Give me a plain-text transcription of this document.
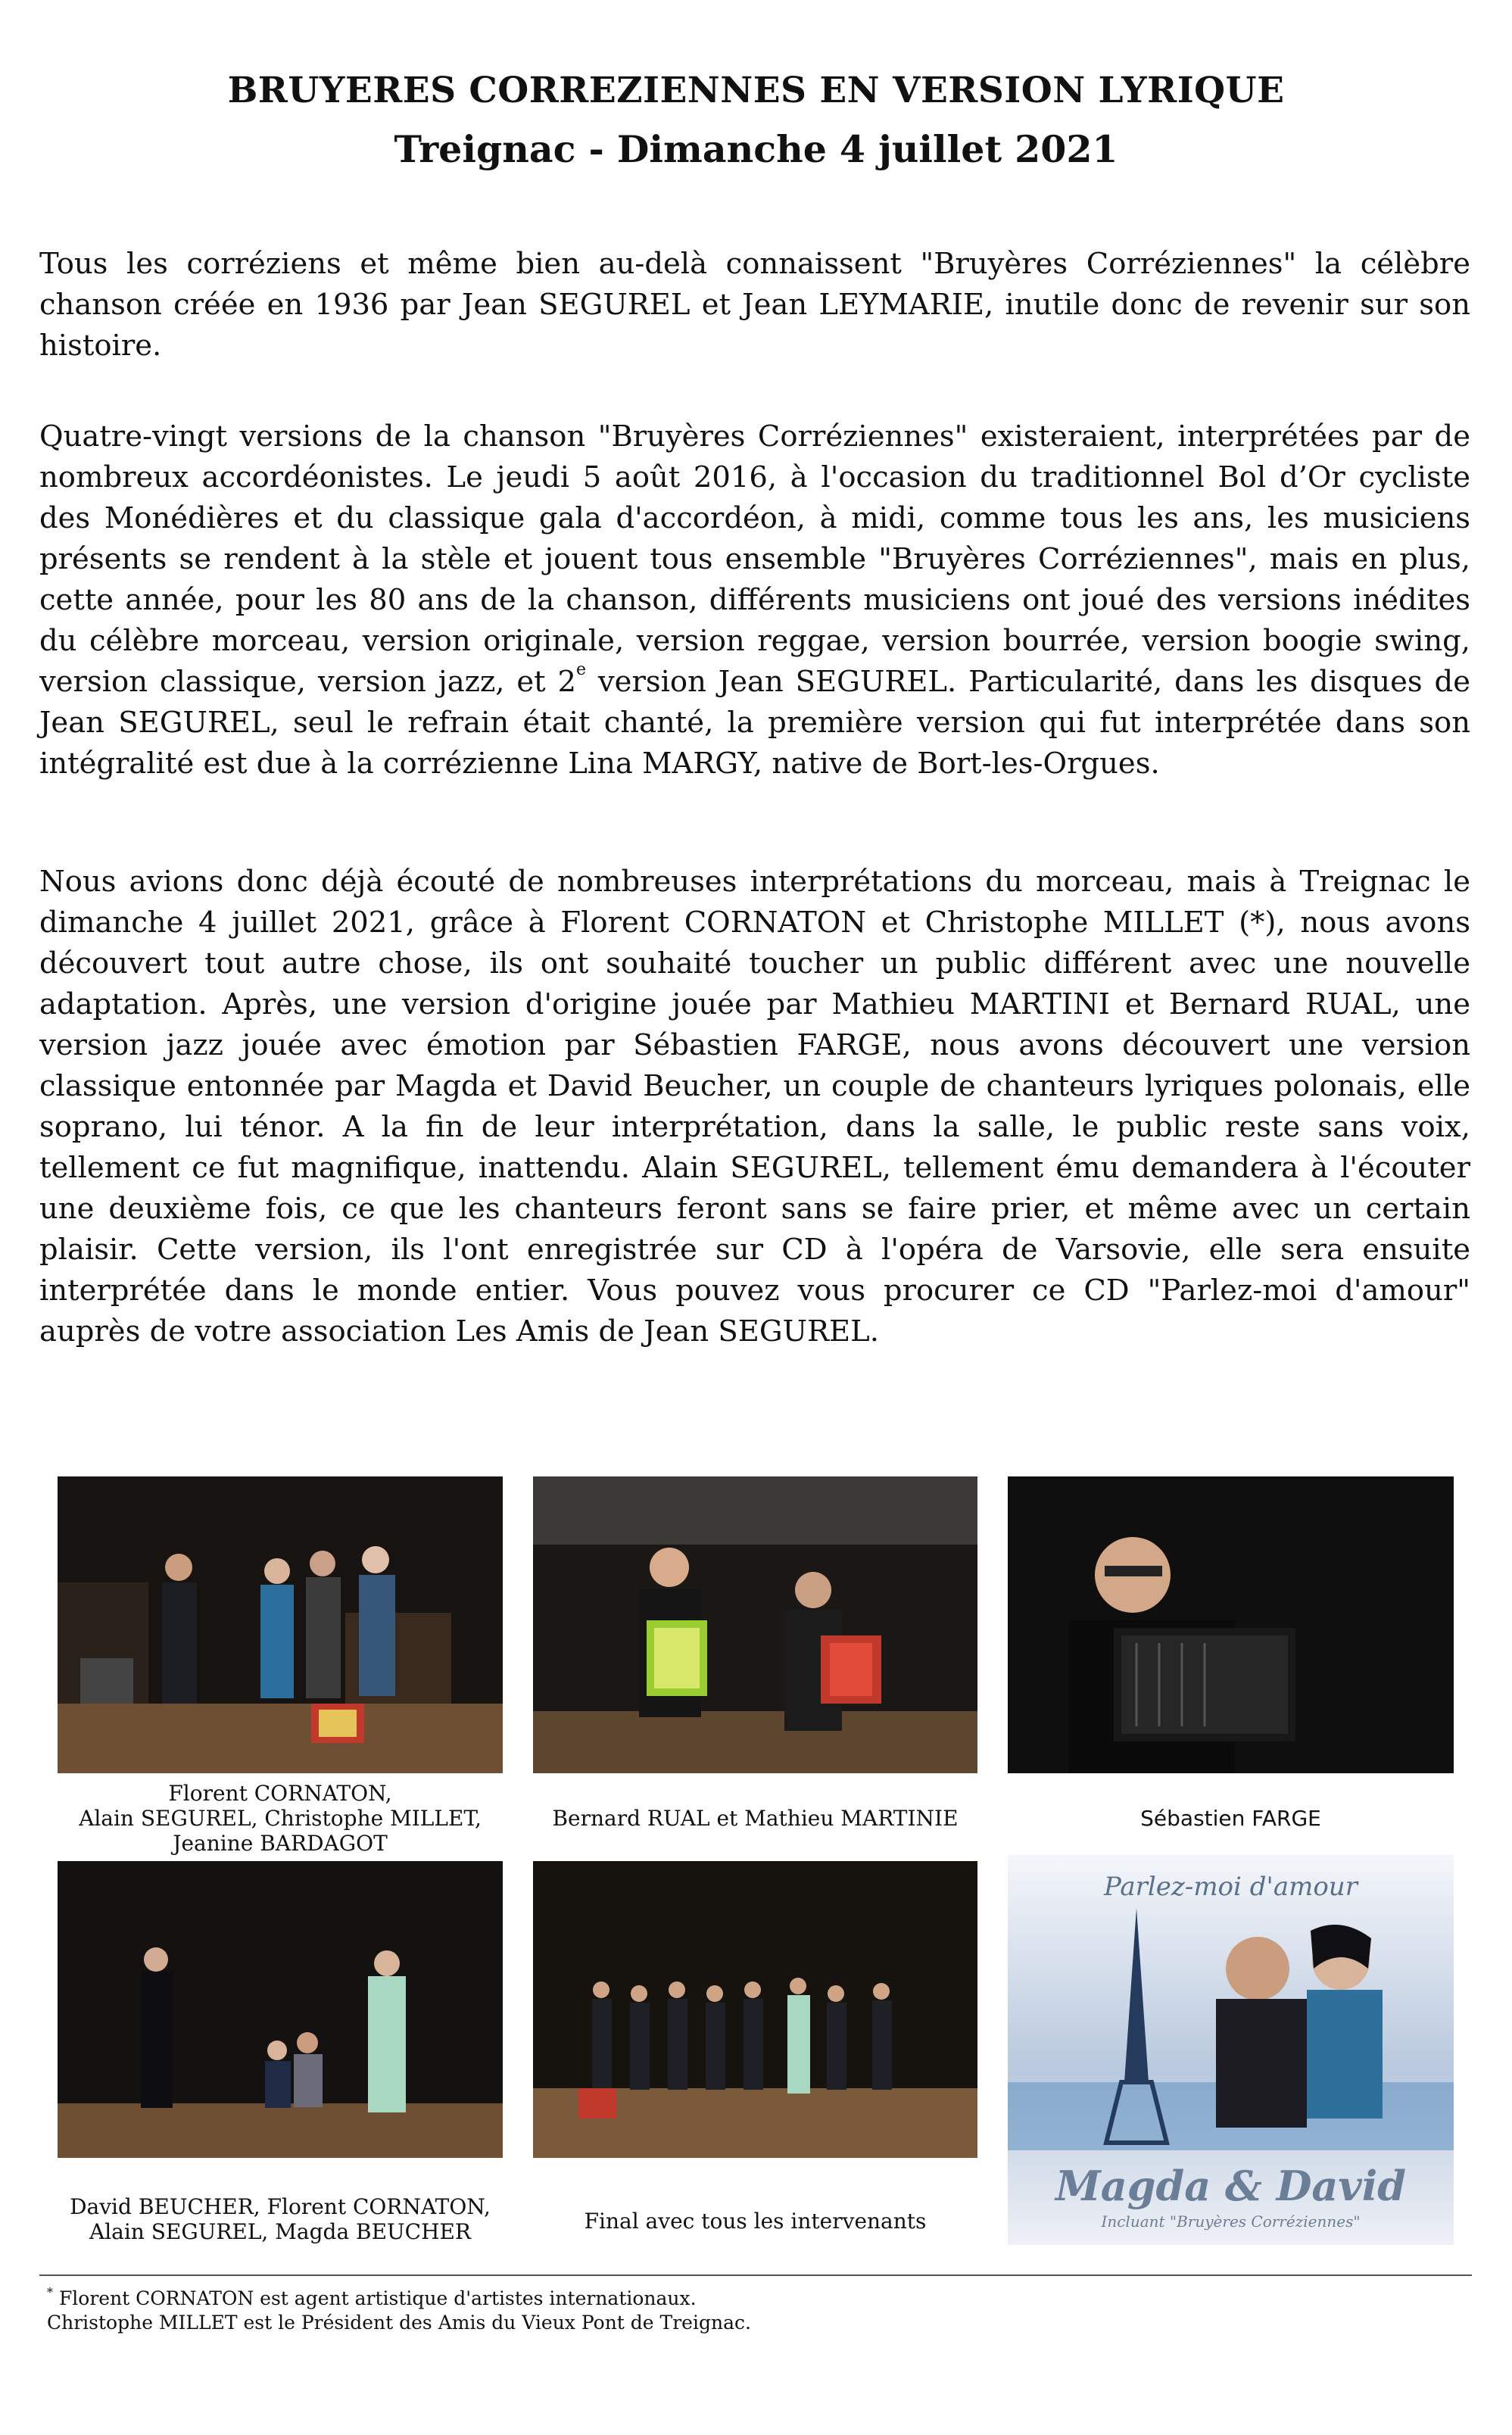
BRUYERES CORREZIENNES EN VERSION LYRIQUE
Treignac - Dimanche 4 juillet 2021

Tous les corréziens et même bien au-delà connaissent "Bruyères Corréziennes" la célèbre chanson créée en 1936 par Jean SEGUREL et Jean LEYMARIE, inutile donc de revenir sur son histoire.

Quatre-vingt versions de la chanson "Bruyères Corréziennes" existeraient, interprétées par de nombreux accordéonistes. Le jeudi 5 août 2016, à l'occasion du traditionnel Bol d’Or cycliste des Monédières et du classique gala d'accordéon, à midi, comme tous les ans, les musiciens présents se rendent à la stèle et jouent tous ensemble "Bruyères Corréziennes", mais en plus, cette année, pour les 80 ans de la chanson, différents musiciens ont joué des versions inédites du célèbre morceau, version originale, version reggae, version bourrée, version boogie swing, version classique, version jazz, et 2e version Jean SEGUREL. Particularité, dans les disques de Jean SEGUREL, seul le refrain était chanté, la première version qui fut interprétée dans son intégralité est due à la corrézienne Lina MARGY, native de Bort-les-Orgues.

Nous avions donc déjà écouté de nombreuses interprétations du morceau, mais à Treignac le dimanche 4 juillet 2021, grâce à Florent CORNATON et Christophe MILLET (*), nous avons découvert tout autre chose, ils ont souhaité toucher un public différent avec une nouvelle adaptation. Après, une version d'origine jouée par Mathieu MARTINI et Bernard RUAL, une version jazz jouée avec émotion par Sébastien FARGE, nous avons découvert une version classique entonnée par Magda et David Beucher, un couple de chanteurs lyriques polonais, elle soprano, lui ténor. A la fin de leur interprétation, dans la salle, le public reste sans voix, tellement ce fut magnifique, inattendu. Alain SEGUREL, tellement ému demandera à l'écouter une deuxième fois, ce que les chanteurs feront sans se faire prier, et même avec un certain plaisir. Cette version, ils l'ont enregistrée sur CD à l'opéra de Varsovie, elle sera ensuite interprétée dans le monde entier. Vous pouvez vous procurer ce CD "Parlez-moi d'amour" auprès de votre association Les Amis de Jean SEGUREL.

Parlez-moi d'amour
Magda & David
Incluant "Bruyères Corréziennes"
Florent CORNATON,
Alain SEGUREL, Christophe MILLET,
Jeanine BARDAGOT
Bernard RUAL et Mathieu MARTINIE	Sébastien FARGE
David BEUCHER, Florent CORNATON,
Alain SEGUREL, Magda BEUCHER	Final avec tous les intervenants

* Florent CORNATON est agent artistique d'artistes internationaux.

Christophe MILLET est le Président des Amis du Vieux Pont de Treignac.
